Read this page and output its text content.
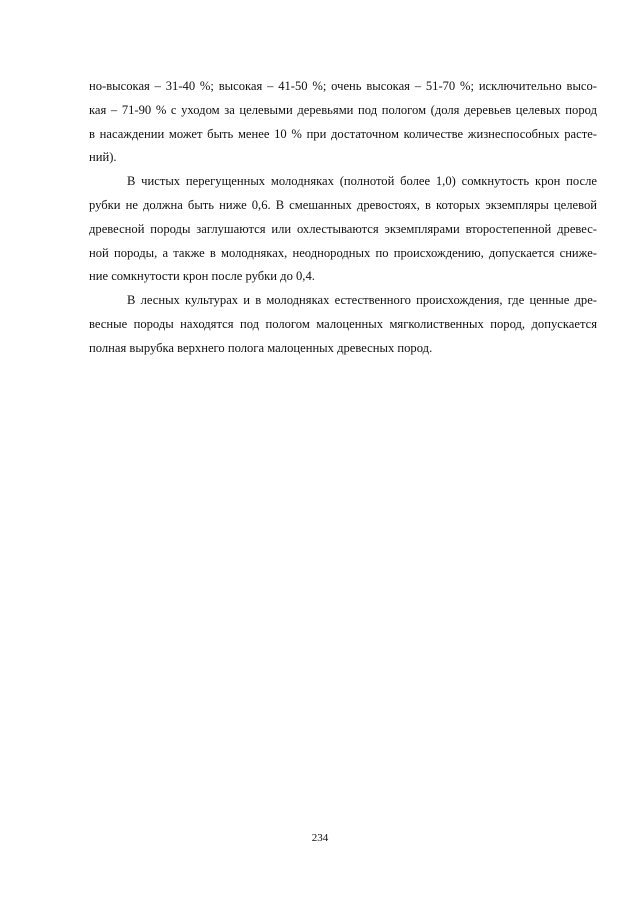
но-высокая – 31-40 %; высокая – 41-50 %; очень высокая – 51-70 %; исключительно высо-
кая – 71-90 % с уходом за целевыми деревьями под пологом (доля деревьев целевых пород
в насаждении может быть менее 10 % при достаточном количестве жизнеспособных расте-
ний).
В чистых перегущенных молодняках (полнотой более 1,0) сомкнутость крон после
рубки не должна быть ниже 0,6. В смешанных древостоях, в которых экземпляры целевой
древесной породы заглушаются или охлестываются экземплярами второстепенной древес-
ной породы, а также в молодняках, неоднородных по происхождению, допускается сниже-
ние сомкнутости крон после рубки до 0,4.
В лесных культурах и в молодняках естественного происхождения, где ценные дре-
весные породы находятся под пологом малоценных мягколиственных пород, допускается
полная вырубка верхнего полога малоценных древесных пород.
234
